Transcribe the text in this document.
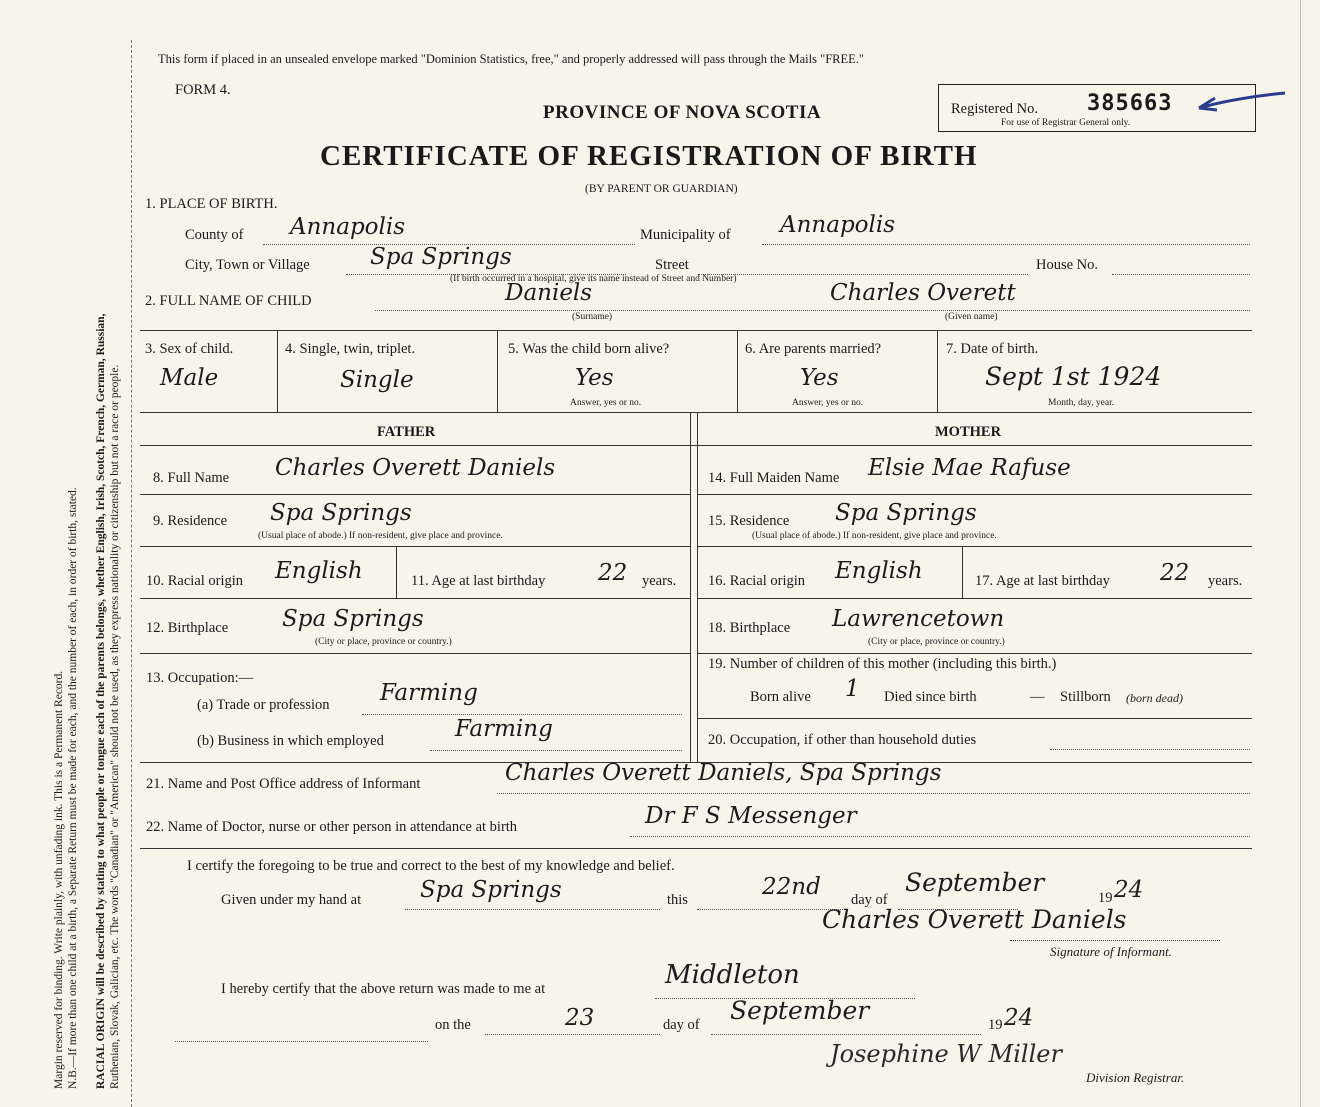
Margin reserved for binding. Write plainly, with unfading ink. This is a Permanent Record. N.B.—If more than one child at a birth, a Separate Return must be made for each, and the number of each, in order of birth, stated. RACIAL ORIGIN will be described by stating to what people or tongue each of the parents belongs, whether English, Irish, Scotch, French, German, Russian, Ruthenian, Slovak, Galician, etc. The words "Canadian" or "American" should not be used, as they express nationality or citizenship but not a race or people.
This form if placed in an unsealed envelope marked "Dominion Statistics, free," and properly addressed will pass through the Mails "FREE."
FORM 4.
PROVINCE OF NOVA SCOTIA
CERTIFICATE OF REGISTRATION OF BIRTH
(BY PARENT OR GUARDIAN)
Registered No. 385663
For use of Registrar General only.
1. PLACE OF BIRTH.
County of Annapolis	Municipality of Annapolis
City, Town or Village	Spa Springs	Street	House No.
(If birth occurred in a hospital, give its name instead of Street and Number)
2. FULL NAME OF CHILD	Daniels
(Surname)
Charles Overett
(Given name)
3. Sex of child.
Male
4. Single, twin, triplet.
Single
5. Was the child born alive?
Yes
Answer, yes or no.
6. Are parents married?
Yes
Answer, yes or no.
7. Date of birth.
Sept 1st 1924
Month, day, year.
FATHER	MOTHER
8. Full Name Charles Overett Daniels
9. Residence Spa Springs
(Usual place of abode.) If non-resident, give place and province.
10. Racial origin English	11. Age at last birthday 22 years.
12. Birthplace Spa Springs
(City or place, province or country.)
13. Occupation:—
(a) Trade or profession Farming
(b) Business in which employed	Farming
14. Full Maiden Name Elsie Mae Rafuse
15. Residence Spa Springs
(Usual place of abode.) If non-resident, give place and province.
16. Racial origin English	17. Age at last birthday 22 years.
18. Birthplace Lawrencetown
(City or place, province or country.)
19. Number of children of this mother (including this birth.)
Born alive 1 Died since birth	— Stillborn (born dead)
20. Occupation, if other than household duties
21. Name and Post Office address of Informant	Charles Overett Daniels, Spa Springs
22. Name of Doctor, nurse or other person in attendance at birth	Dr F S Messenger
I certify the foregoing to be true and correct to the best of my knowledge and belief.
Given under my hand at	Spa Springs	this	22nd day of
September
19 24
Charles Overett Daniels
Signature of Informant.
I hereby certify that the above return was made to me at	Middleton
on the	23	day of September	19 24
Josephine W Miller
Division Registrar.
